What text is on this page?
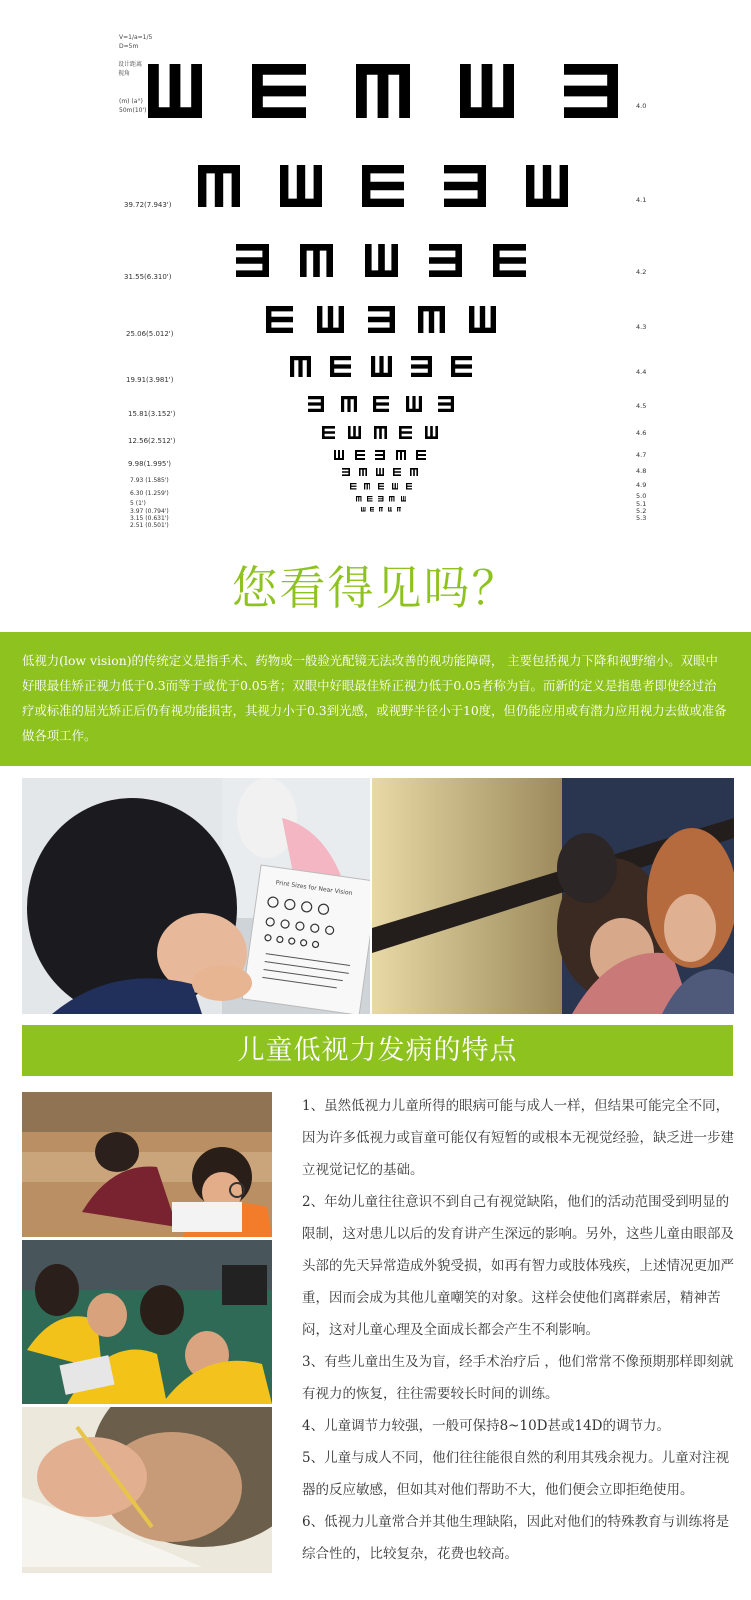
V=1/a=1/5
D=5m
设计距离 视角
(m) (a°)
50m(10')
39.72(7.943')
31.55(6.310')
25.06(5.012')
19.91(3.981')
15.81(3.152')
12.56(2.512')
9.98(1.995')
7.93 (1.585')
6.30 (1.259')
5 (1')
3.97 (0.794')
3.15 (0.631')
2.51 (0.501')
4.0
4.1
4.2
4.3
4.4
4.5
4.6
4.7
4.8
4.9
5.0
5.1
5.2
5.3
您看得见吗？

低视力(low vision)的传统定义是指手术、药物或一般验光配镜无法改善的视功能障碍， 主要包括视力下降和视野缩小。双眼中好眼最佳矫正视力低于0.3而等于或优于0.05者；双眼中好眼最佳矫正视力低于0.05者称为盲。而新的定义是指患者即使经过治疗或标准的屈光矫正后仍有视功能损害，其视力小于0.3到光感，或视野半径小于10度，但仍能应用或有潜力应用视力去做或准备做各项工作。

Print Sizes for Near Vision
儿童低视力发病的特点

1、虽然低视力儿童所得的眼病可能与成人一样，但结果可能完全不同，因为许多低视力或盲童可能仅有短暂的或根本无视觉经验，缺乏进一步建立视觉记忆的基础。

2、年幼儿童往往意识不到自己有视觉缺陷，他们的活动范围受到明显的限制，这对患儿以后的发育讲产生深远的影响。另外，这些儿童由眼部及头部的先天异常造成外貌受损，如再有智力或肢体残疾，上述情况更加严重，因而会成为其他儿童嘲笑的对象。这样会使他们离群索居，精神苦闷，这对儿童心理及全面成长都会产生不利影响。

3、有些儿童出生及为盲，经手术治疗后 ，他们常常不像预期那样即刻就有视力的恢复，往往需要较长时间的训练。

4、儿童调节力较强，一般可保持8~10D甚或14D的调节力。

5、儿童与成人不同，他们往往能很自然的利用其残余视力。儿童对注视器的反应敏感，但如其对他们帮助不大，他们便会立即拒绝使用。

6、低视力儿童常合并其他生理缺陷，因此对他们的特殊教育与训练将是综合性的，比较复杂，花费也较高。
